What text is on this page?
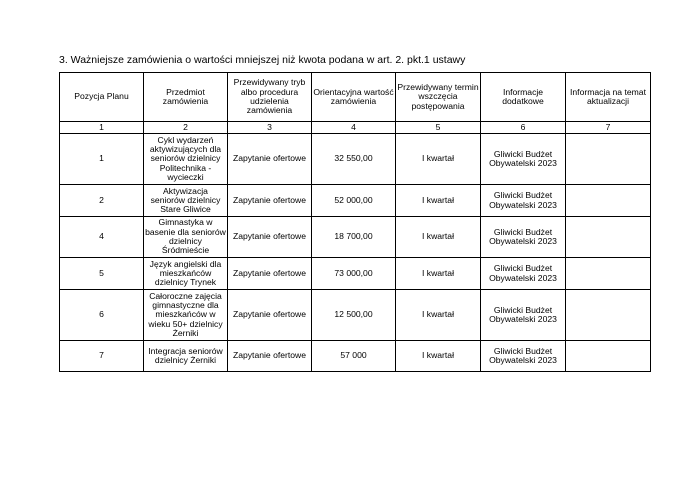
3. Ważniejsze zamówienia o wartości mniejszej niż kwota podana w art. 2. pkt.1 ustawy
Pozycja Planu	Przedmiot zamówienia	Przewidywany tryb albo procedura udzielenia zamówienia	Orientacyjna wartość zamówienia	Przewidywany termin wszczęcia postępowania	Informacje dodatkowe	Informacja na temat aktualizacji
1	2	3	4	5	6	7
1	Cykl wydarzeń aktywizujących dla seniorów dzielnicy Politechnika - wycieczki	Zapytanie ofertowe	32 550,00	I kwartał	Gliwicki Budżet Obywatelski 2023	
2	Aktywizacja seniorów dzielnicy Stare Gliwice	Zapytanie ofertowe	52 000,00	I kwartał	Gliwicki Budżet Obywatelski 2023	
4	Gimnastyka w basenie dla seniorów dzielnicy Śródmieście	Zapytanie ofertowe	18 700,00	I kwartał	Gliwicki Budżet Obywatelski 2023	
5	Język angielski dla mieszkańców dzielnicy Trynek	Zapytanie ofertowe	73 000,00	I kwartał	Gliwicki Budżet Obywatelski 2023	
6	Całoroczne zajęcia gimnastyczne dla mieszkańców w wieku 50+ dzielnicy Żerniki	Zapytanie ofertowe	12 500,00	I kwartał	Gliwicki Budżet Obywatelski 2023	
7	Integracja seniorów dzielnicy Żerniki	Zapytanie ofertowe	57 000	I kwartał	Gliwicki Budżet Obywatelski 2023	
